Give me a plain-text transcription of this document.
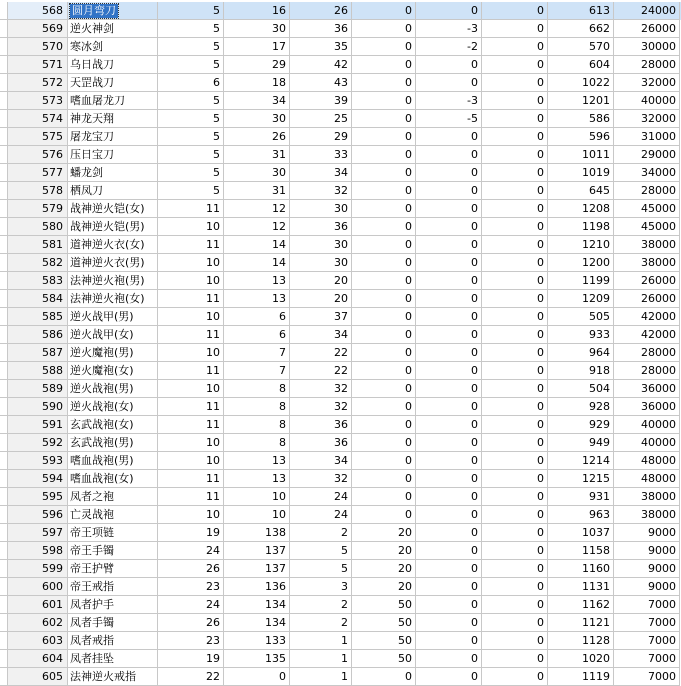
568 圆月弯刀	5	16	26	0	0	0	613	24000
569 逆火神剑	5	30	36	0	-3	0	662	26000
570 寒冰剑	5	17	35	0	-2	0	570	30000
571 乌日战刀	5	29	42	0	0	0	604	28000
572 天罡战刀	6	18	43	0	0	0	1022	32000
573 嗜血屠龙刀	5	34	39	0	-3	0	1201	40000
574 神龙天翔	5	30	25	0	-5	0	586	32000
575 屠龙宝刀	5	26	29	0	0	0	596	31000
576 压日宝刀	5	31	33	0	0	0	1011	29000
577 蟠龙剑	5	30	34	0	0	0	1019	34000
578 栖凤刀	5	31	32	0	0	0	645	28000
579 战神逆火铠(女)	11	12	30	0	0	0	1208	45000
580 战神逆火铠(男)	10	12	36	0	0	0	1198	45000
581 道神逆火衣(女)	11	14	30	0	0	0	1210	38000
582 道神逆火衣(男)	10	14	30	0	0	0	1200	38000
583 法神逆火袍(男)	10	13	20	0	0	0	1199	26000
584 法神逆火袍(女)	11	13	20	0	0	0	1209	26000
585 逆火战甲(男)	10	6	37	0	0	0	505	42000
586 逆火战甲(女)	11	6	34	0	0	0	933	42000
587 逆火魔袍(男)	10	7	22	0	0	0	964	28000
588 逆火魔袍(女)	11	7	22	0	0	0	918	28000
589 逆火战袍(男)	10	8	32	0	0	0	504	36000
590 逆火战袍(女)	11	8	32	0	0	0	928	36000
591 玄武战袍(女)	11	8	36	0	0	0	929	40000
592 玄武战袍(男)	10	8	36	0	0	0	949	40000
593 嗜血战袍(男)	10	13	34	0	0	0	1214	48000
594 嗜血战袍(女)	11	13	32	0	0	0	1215	48000
595 凤者之袍	11	10	24	0	0	0	931	38000
596 亡灵战袍	10	10	24	0	0	0	963	38000
597 帝王项链	19	138	2	20	0	0	1037	9000
598 帝王手镯	24	137	5	20	0	0	1158	9000
599 帝王护臂	26	137	5	20	0	0	1160	9000
600 帝王戒指	23	136	3	20	0	0	1131	9000
601 凤者护手	24	134	2	50	0	0	1162	7000
602 凤者手镯	26	134	2	50	0	0	1121	7000
603 凤者戒指	23	133	1	50	0	0	1128	7000
604 凤者挂坠	19	135	1	50	0	0	1020	7000
605 法神逆火戒指	22	0	1	0	0	0	1119	7000
